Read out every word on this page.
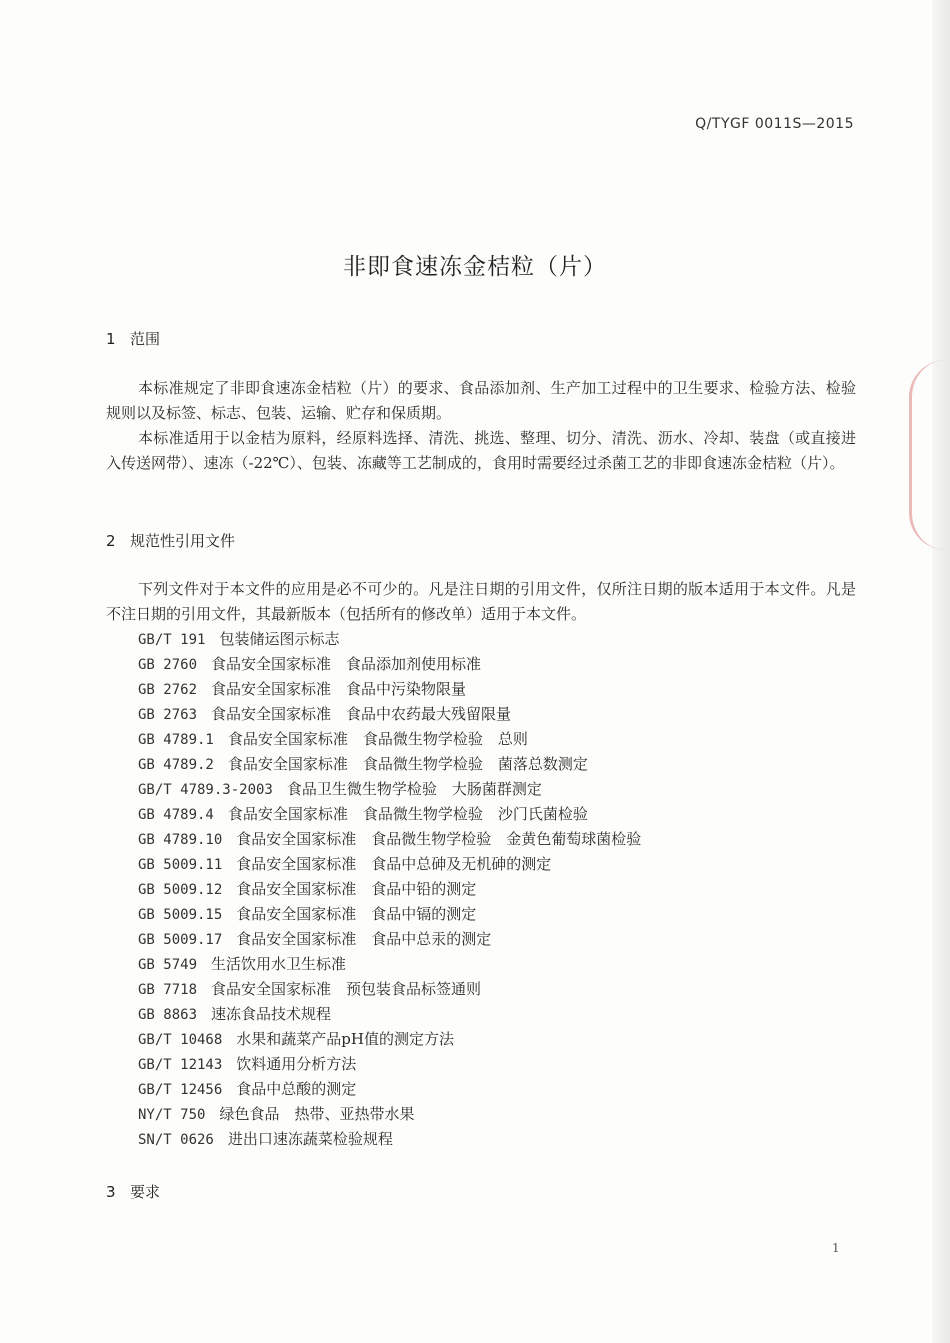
Q/TYGF 0011S—2015
非即食速冻金桔粒（片）
1 范围

本标准规定了非即食速冻金桔粒（片）的要求、食品添加剂、生产加工过程中的卫生要求、检验方法、检验规则以及标签、标志、包装、运输、贮存和保质期。

本标准适用于以金桔为原料，经原料选择、清洗、挑选、整理、切分、清洗、沥水、冷却、装盘（或直接进入传送网带）、速冻（-22℃）、包装、冻藏等工艺制成的，食用时需要经过杀菌工艺的非即食速冻金桔粒（片）。

2 规范性引用文件

下列文件对于本文件的应用是必不可少的。凡是注日期的引用文件，仅所注日期的版本适用于本文件。凡是不注日期的引用文件，其最新版本（包括所有的修改单）适用于本文件。

GB/T 191 包装储运图示标志
GB 2760 食品安全国家标准　食品添加剂使用标准
GB 2762 食品安全国家标准　食品中污染物限量
GB 2763 食品安全国家标准　食品中农药最大残留限量
GB 4789.1 食品安全国家标准　食品微生物学检验　总则
GB 4789.2 食品安全国家标准　食品微生物学检验　菌落总数测定
GB/T 4789.3-2003 食品卫生微生物学检验　大肠菌群测定
GB 4789.4 食品安全国家标准　食品微生物学检验　沙门氏菌检验
GB 4789.10 食品安全国家标准　食品微生物学检验　金黄色葡萄球菌检验
GB 5009.11 食品安全国家标准　食品中总砷及无机砷的测定
GB 5009.12 食品安全国家标准　食品中铅的测定
GB 5009.15 食品安全国家标准　食品中镉的测定
GB 5009.17 食品安全国家标准　食品中总汞的测定
GB 5749 生活饮用水卫生标准
GB 7718 食品安全国家标准　预包装食品标签通则
GB 8863 速冻食品技术规程
GB/T 10468 水果和蔬菜产品pH值的测定方法
GB/T 12143 饮料通用分析方法
GB/T 12456 食品中总酸的测定
NY/T 750 绿色食品　热带、亚热带水果
SN/T 0626 进出口速冻蔬菜检验规程
3 要求
1
